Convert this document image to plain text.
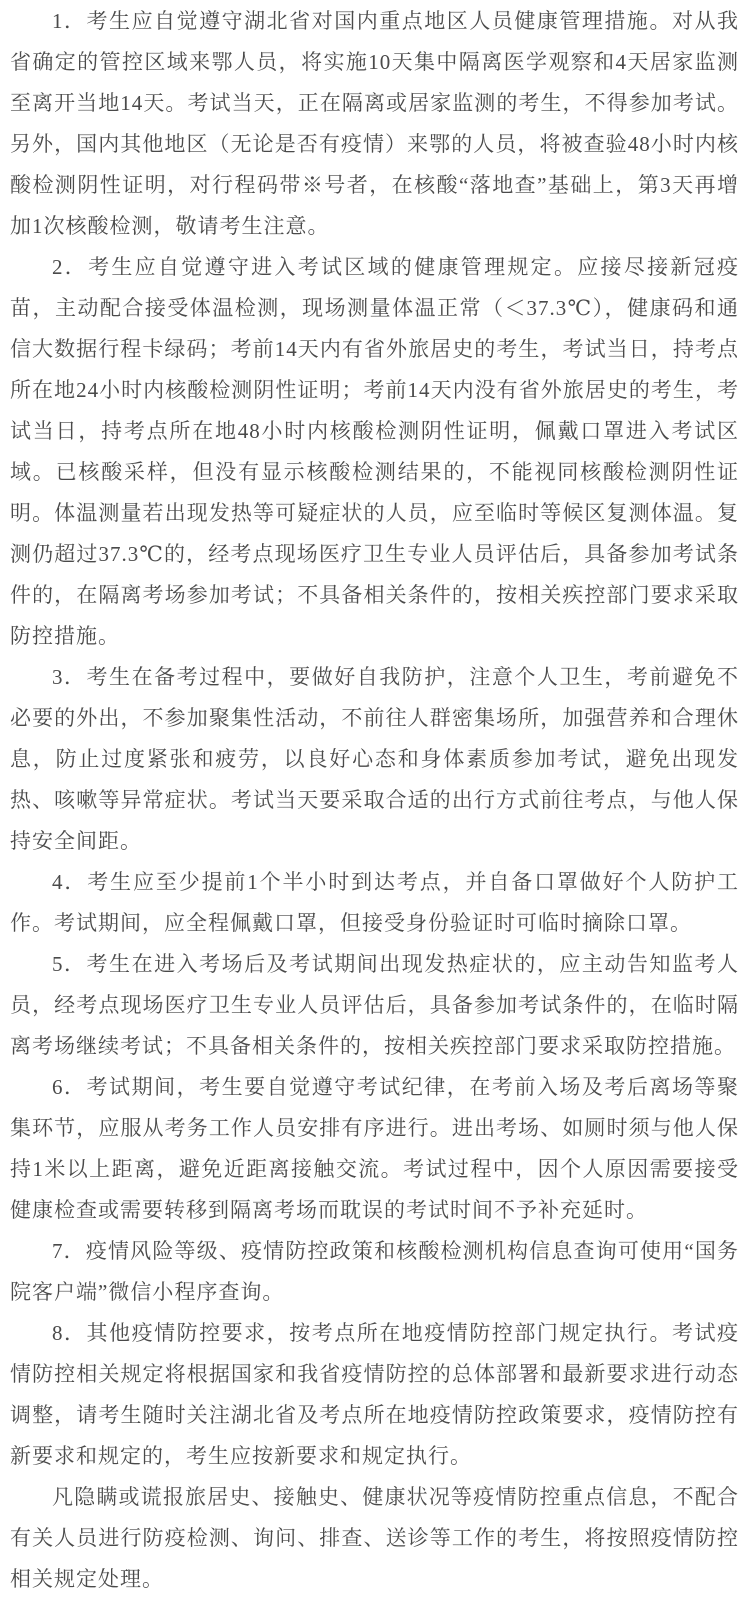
1．考生应自觉遵守湖北省对国内重点地区人员健康管理措施。对从我省确定的管控区域来鄂人员，将实施10天集中隔离医学观察和4天居家监测至离开当地14天。考试当天，正在隔离或居家监测的考生，不得参加考试。另外，国内其他地区（无论是否有疫情）来鄂的人员，将被查验48小时内核酸检测阴性证明，对行程码带※号者，在核酸“落地查”基础上，第3天再增加1次核酸检测，敬请考生注意。

2．考生应自觉遵守进入考试区域的健康管理规定。应接尽接新冠疫苗，主动配合接受体温检测，现场测量体温正常（＜37.3℃），健康码和通信大数据行程卡绿码；考前14天内有省外旅居史的考生，考试当日，持考点所在地24小时内核酸检测阴性证明；考前14天内没有省外旅居史的考生，考试当日，持考点所在地48小时内核酸检测阴性证明，佩戴口罩进入考试区域。已核酸采样，但没有显示核酸检测结果的，不能视同核酸检测阴性证明。体温测量若出现发热等可疑症状的人员，应至临时等候区复测体温。复测仍超过37.3℃的，经考点现场医疗卫生专业人员评估后，具备参加考试条件的，在隔离考场参加考试；不具备相关条件的，按相关疾控部门要求采取防控措施。

3．考生在备考过程中，要做好自我防护，注意个人卫生，考前避免不必要的外出，不参加聚集性活动，不前往人群密集场所，加强营养和合理休息，防止过度紧张和疲劳，以良好心态和身体素质参加考试，避免出现发热、咳嗽等异常症状。考试当天要采取合适的出行方式前往考点，与他人保持安全间距。

4．考生应至少提前1个半小时到达考点，并自备口罩做好个人防护工作。考试期间，应全程佩戴口罩，但接受身份验证时可临时摘除口罩。

5．考生在进入考场后及考试期间出现发热症状的，应主动告知监考人员，经考点现场医疗卫生专业人员评估后，具备参加考试条件的，在临时隔离考场继续考试；不具备相关条件的，按相关疾控部门要求采取防控措施。

6．考试期间，考生要自觉遵守考试纪律，在考前入场及考后离场等聚集环节，应服从考务工作人员安排有序进行。进出考场、如厕时须与他人保持1米以上距离，避免近距离接触交流。考试过程中，因个人原因需要接受健康检查或需要转移到隔离考场而耽误的考试时间不予补充延时。

7．疫情风险等级、疫情防控政策和核酸检测机构信息查询可使用“国务院客户端”微信小程序查询。

8．其他疫情防控要求，按考点所在地疫情防控部门规定执行。考试疫情防控相关规定将根据国家和我省疫情防控的总体部署和最新要求进行动态调整，请考生随时关注湖北省及考点所在地疫情防控政策要求，疫情防控有新要求和规定的，考生应按新要求和规定执行。

凡隐瞒或谎报旅居史、接触史、健康状况等疫情防控重点信息，不配合有关人员进行防疫检测、询问、排查、送诊等工作的考生，将按照疫情防控相关规定处理。
